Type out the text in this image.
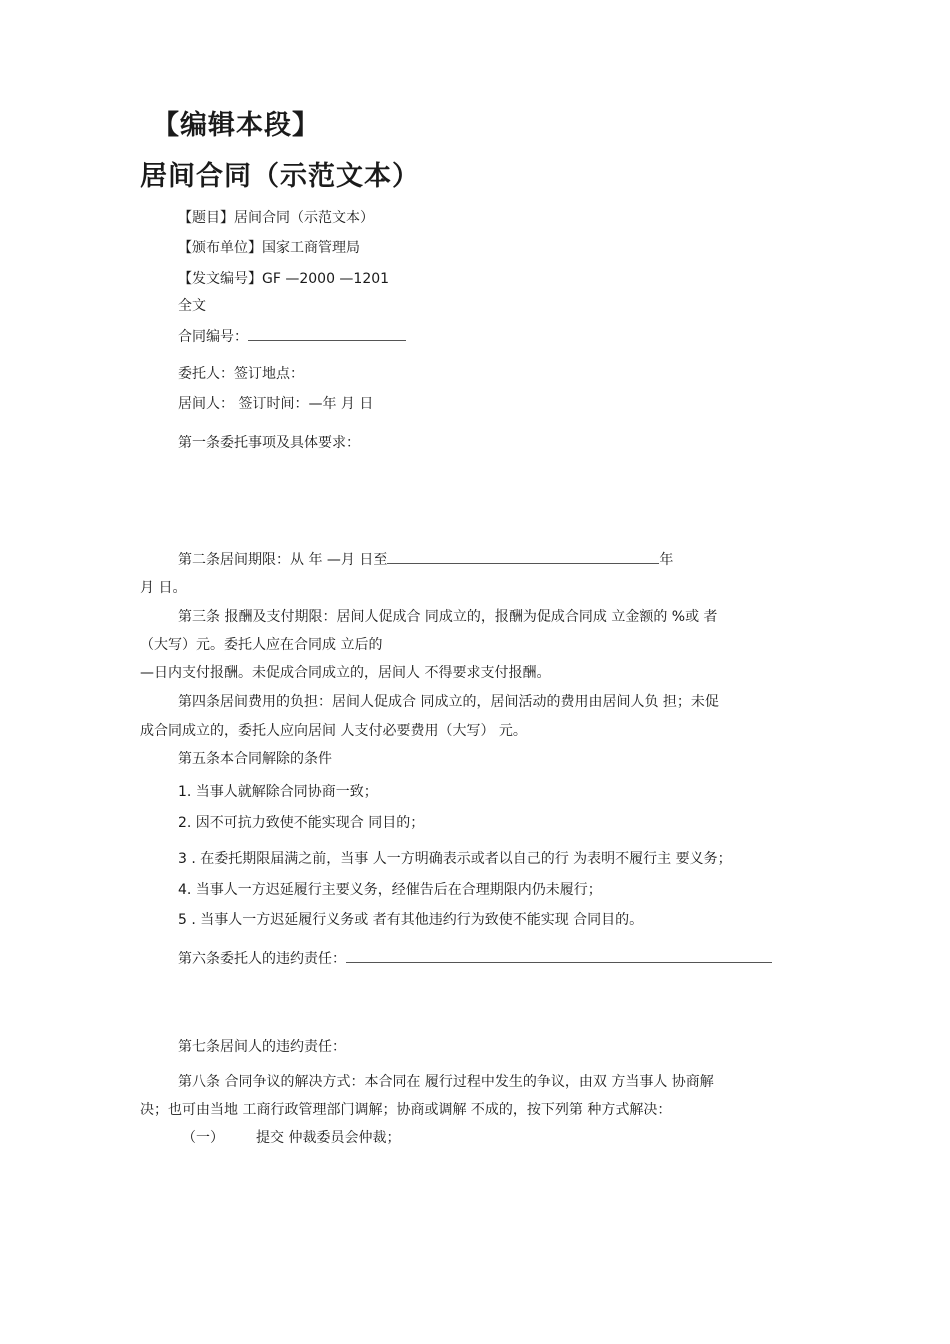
【编辑本段】
居间合同（示范文本）
【题目】居间合同（示范文本）
【颁布单位】国家工商管理局
【发文编号】GF —2000 —1201
全文
合同编号：
委托人：签订地点：
居间人： 签订时间：—年 月 日
第一条委托事项及具体要求：
第二条居间期限：从 年 —月 日至	年
月 日。
第三条 报酬及支付期限：居间人促成合 同成立的，报酬为促成合同成 立金额的 %或 者
（大写）元。委托人应在合同成 立后的
—日内支付报酬。未促成合同成立的，居间人 不得要求支付报酬。
第四条居间费用的负担：居间人促成合 同成立的，居间活动的费用由居间人负 担；未促
成合同成立的，委托人应向居间 人支付必要费用（大写） 元。
第五条本合同解除的条件
1. 当事人就解除合同协商一致；
2. 因不可抗力致使不能实现合 同目的；
3 . 在委托期限届满之前，当事 人一方明确表示或者以自己的行 为表明不履行主 要义务；
4. 当事人一方迟延履行主要义务，经催告后在合理期限内仍未履行；
5 . 当事人一方迟延履行义务或 者有其他违约行为致使不能实现 合同目的。
第六条委托人的违约责任：
第七条居间人的违约责任：
第八条 合同争议的解决方式：本合同在 履行过程中发生的争议，由双 方当事人 协商解
决；也可由当地 工商行政管理部门调解；协商或调解 不成的，按下列第 种方式解决：
（一） 提交 仲裁委员会仲裁；
